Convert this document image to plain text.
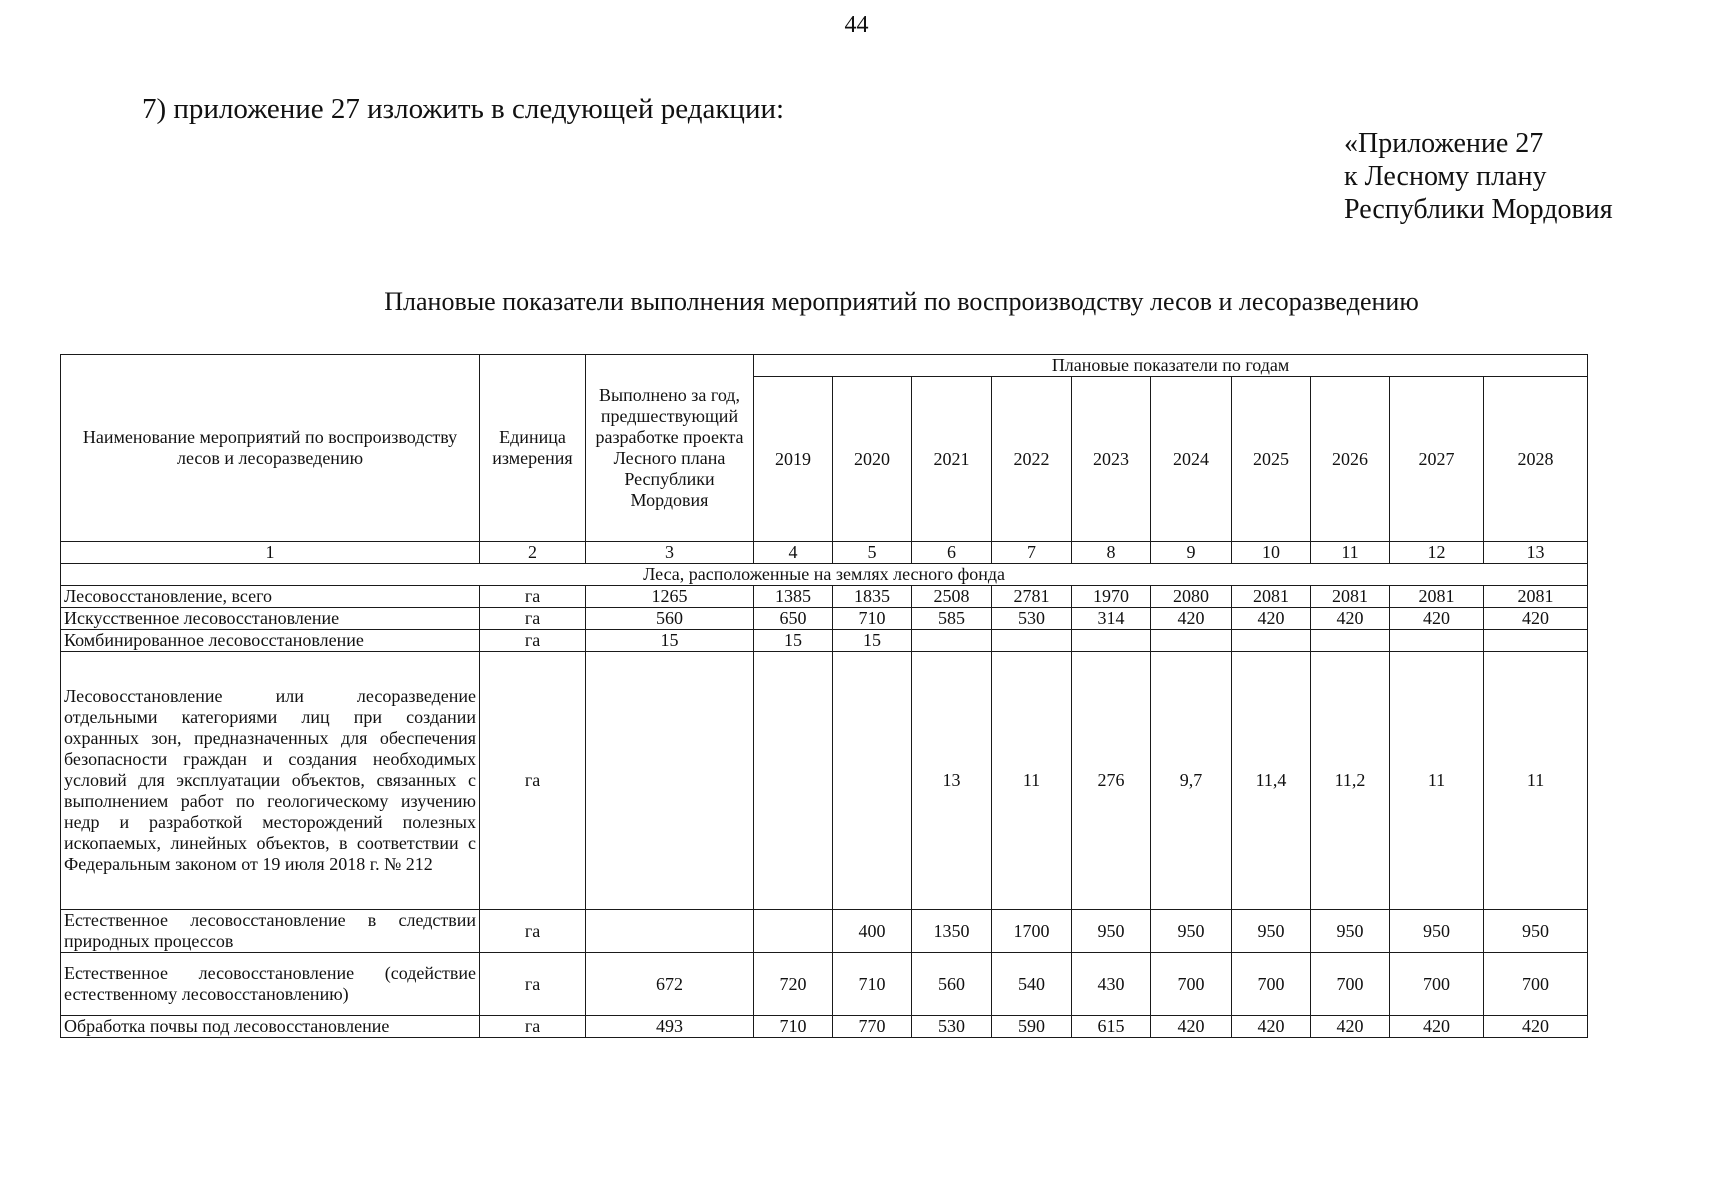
44
7) приложение 27 изложить в следующей редакции:
«Приложение 27
к Лесному плану
Республики Мордовия
Плановые показатели выполнения мероприятий по воспроизводству лесов и лесоразведению
Наименование мероприятий по воспроизводству лесов и лесоразведению	Единица измерения	Выполнено за год, предшествующий разработке проекта Лесного плана Республики Мордовия	Плановые показатели по годам									
			2019	2020	2021	2022	2023	2024	2025	2026	2027	2028
1	2	3	4	5	6	7	8	9	10	11	12	13
Леса, расположенные на землях лесного фонда												
Лесовосстановление, всего	га	1265	1385	1835	2508	2781	1970	2080	2081	2081	2081	2081
Искусственное лесовосстановление	га	560	650	710	585	530	314	420	420	420	420	420
Комбинированное лесовосстановление	га	15	15	15								
Лесовосстановление или лесоразведение отдельными категориями лиц при создании охранных зон, предназначенных для обеспечения безопасности граждан и создания необходимых условий для эксплуатации объектов, связанных с выполнением работ по геологическому изучению недр и разработкой месторождений полезных ископаемых, линейных объектов, в соответствии с Федеральным законом от 19 июля 2018 г. № 212	га				13	11	276	9,7	11,4	11,2	11	11
Естественное лесовосстановление в следствии природных процессов	га			400	1350	1700	950	950	950	950	950	950
Естественное лесовосстановление (содействие естественному лесовосстановлению)	га	672	720	710	560	540	430	700	700	700	700	700
Обработка почвы под лесовосстановление	га	493	710	770	530	590	615	420	420	420	420	420
